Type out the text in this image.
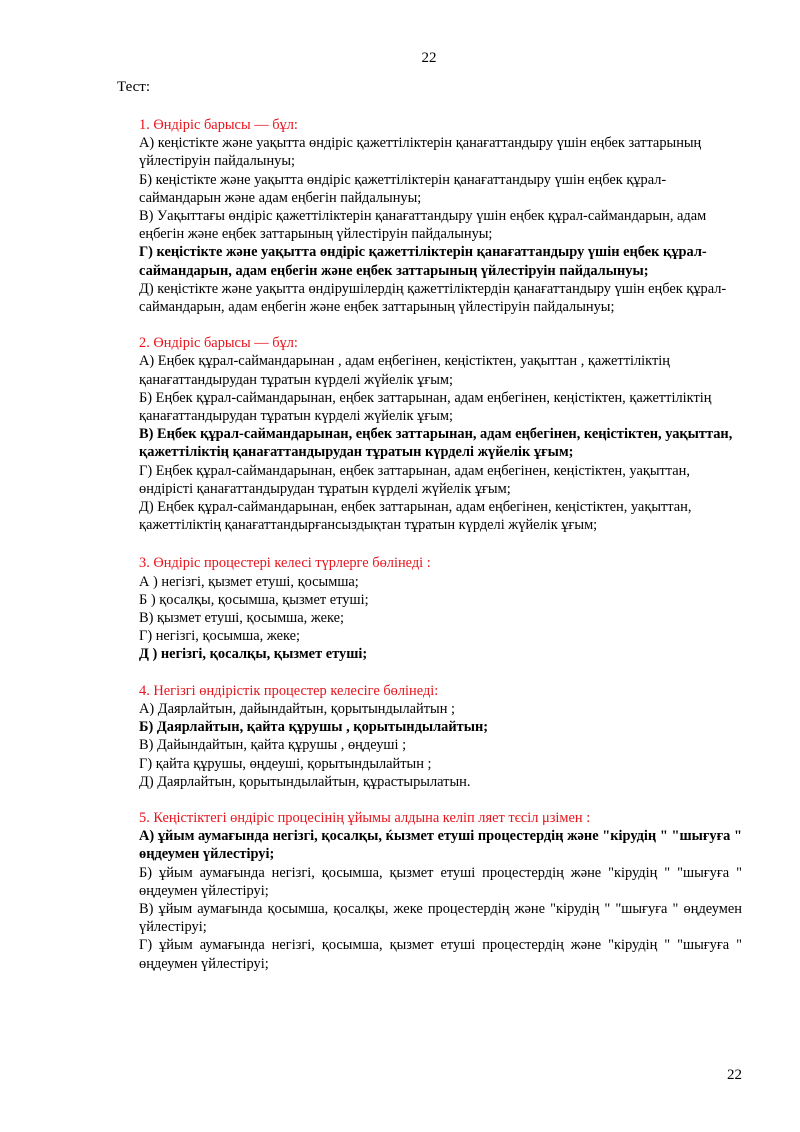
22
Тест:
1. Өндіріс барысы — бұл:
А) кеңістікте және уақытта өндіріс қажеттіліктерін қанағаттандыру үшін еңбек заттарының үйлестіруін пайдалынуы;
Б) кеңістікте және уақытта өндіріс қажеттіліктерін қанағаттандыру үшін еңбек құрал-саймандарын және адам еңбегін пайдалынуы;
В) Уақыттағы өндіріс қажеттіліктерін қанағаттандыру үшін еңбек құрал-саймандарын, адам еңбегін және еңбек заттарының үйлестіруін пайдалынуы;
Г) кеңістікте және уақытта өндіріс қажеттіліктерін қанағаттандыру үшін еңбек құрал-саймандарын, адам еңбегін және еңбек заттарының үйлестіруін пайдалынуы;
Д) кеңістікте және уақытта өндірушілердің қажеттіліктердін қанағаттандыру үшін еңбек құрал-саймандарын, адам еңбегін және еңбек заттарының үйлестіруін пайдалынуы;
2. Өндіріс барысы — бұл:
А) Еңбек құрал-саймандарынан , адам еңбегінен, кеңістіктен, уақыттан , қажеттіліктің қанағаттандырудан тұратын күрделі жүйелік ұғым;
Б) Еңбек құрал-саймандарынан, еңбек заттарынан, адам еңбегінен, кеңістіктен, қажеттіліктің қанағаттандырудан тұратын күрделі жүйелік ұғым;
В) Еңбек құрал-саймандарынан, еңбек заттарынан, адам еңбегінен, кеңістіктен, уақыттан, қажеттіліктің қанағаттандырудан тұратын күрделі жүйелік ұғым;
Г) Еңбек құрал-саймандарынан, еңбек заттарынан, адам еңбегінен, кеңістіктен, уақыттан, өндірісті қанағаттандырудан тұратын күрделі жүйелік ұғым;
Д) Еңбек құрал-саймандарынан, еңбек заттарынан, адам еңбегінен, кеңістіктен, уақыттан, қажеттіліктің қанағаттандырғансыздықтан тұратын күрделі жүйелік ұғым;
3. Өндіріс процестері келесі түрлерге бөлінеді :
А ) негізгі, қызмет етуші, қосымша;
Б ) қосалқы, қосымша, қызмет етуші;
В) қызмет етуші, қосымша, жеке;
Г) негізгі, қосымша, жеке;
Д ) негізгі, қосалқы, қызмет етуші;
4. Негізгі өндірістік процестер келесіге бөлінеді:
А) Даярлайтын, дайындайтын, қорытындылайтын ;
Б) Даярлайтын, қайта құрушы , қорытындылайтын;
В) Дайындайтын, қайта құрушы , өңдеуші ;
Г) қайта құрушы, өңдеуші, қорытындылайтын ;
Д) Даярлайтын, қорытындылайтын, құрастырылатын.
5. Кеңістіктегі өндіріс процесінің ұйымы алдына келіп ляет тєсіл μзімен :
А) ұйым аумағында негізгі, қосалқы, ќызмет етуші процестердің және "кірудің " "шығуға " өңдеумен үйлестіруі;
Б) ұйым аумағында негізгі, қосымша, қызмет етуші процестердің және "кірудің " "шығуға " өңдеумен үйлестіруі;
В) ұйым аумағында қосымша, қосалқы, жеке процестердің және "кірудің " "шығуға " өңдеумен үйлестіруі;
Г) ұйым аумағында негізгі, қосымша, қызмет етуші процестердің және "кірудің " "шығуға " өңдеумен үйлестіруі;
22
